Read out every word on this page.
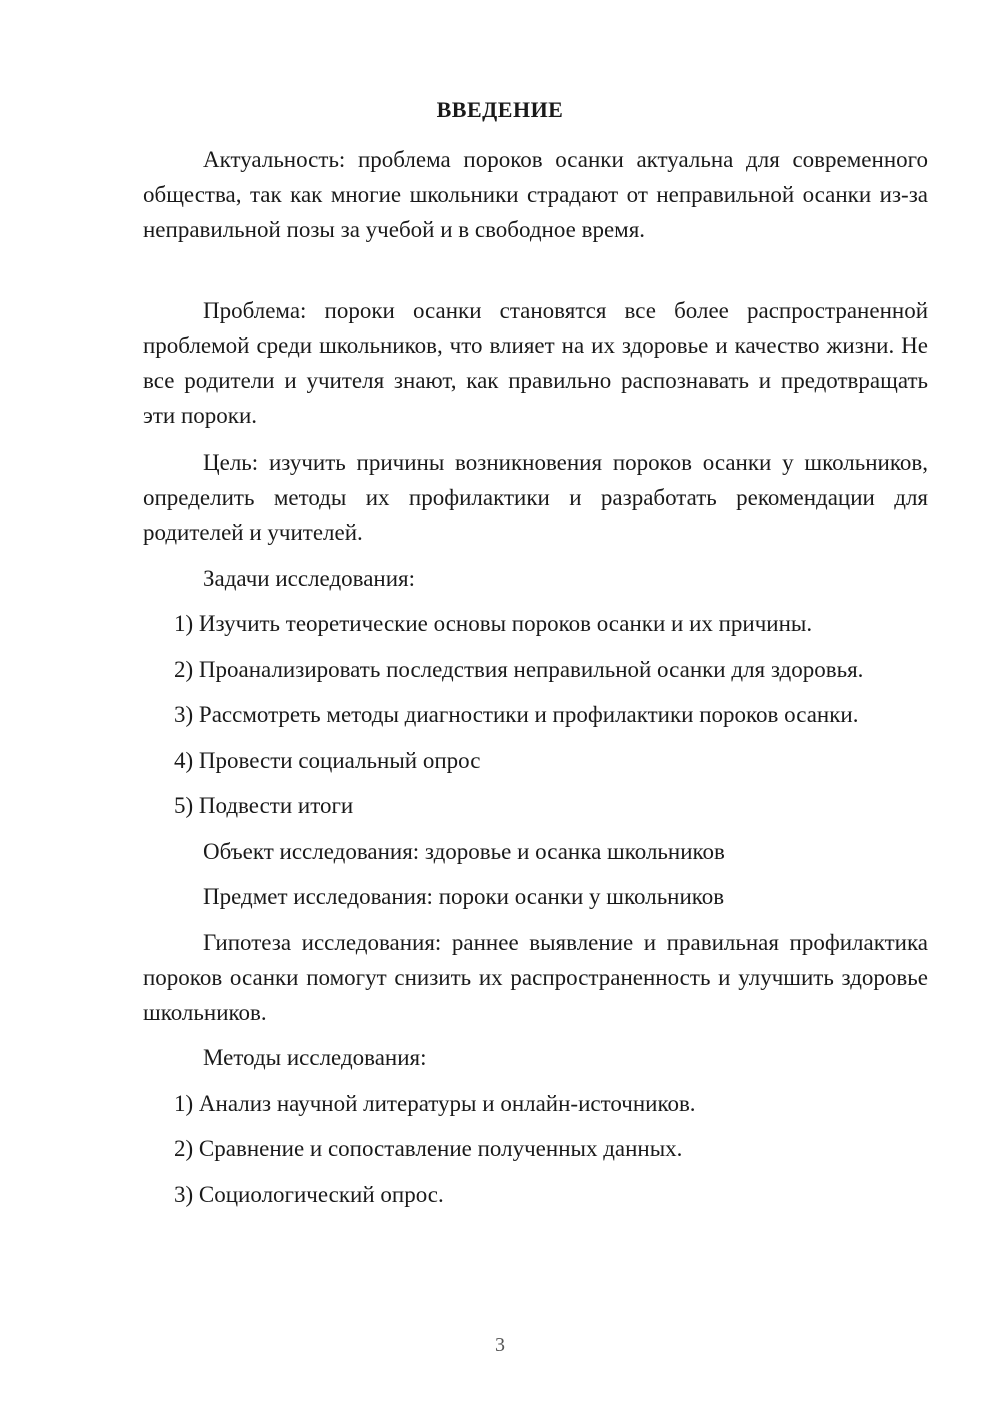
ВВЕДЕНИЕ
Актуальность: проблема пороков осанки актуальна для современного общества, так как многие школьники страдают от неправильной осанки из-за неправильной позы за учебой и в свободное время.
Проблема: пороки осанки становятся все более распространенной проблемой среди школьников, что влияет на их здоровье и качество жизни. Не все родители и учителя знают, как правильно распознавать и предотвращать эти пороки.
Цель: изучить причины возникновения пороков осанки у школьников, определить методы их профилактики и разработать рекомендации для родителей и учителей.
Задачи исследования:
1) Изучить теоретические основы пороков осанки и их причины.
2) Проанализировать последствия неправильной осанки для здоровья.
3) Рассмотреть методы диагностики и профилактики пороков осанки.
4) Провести социальный опрос
5) Подвести итоги
Объект исследования: здоровье и осанка школьников
Предмет исследования: пороки осанки у школьников
Гипотеза исследования: раннее выявление и правильная профилактика пороков осанки помогут снизить их распространенность и улучшить здоровье школьников.
Методы исследования:
1) Анализ научной литературы и онлайн-источников.
2) Сравнение и сопоставление полученных данных.
3) Социологический опрос.
3
